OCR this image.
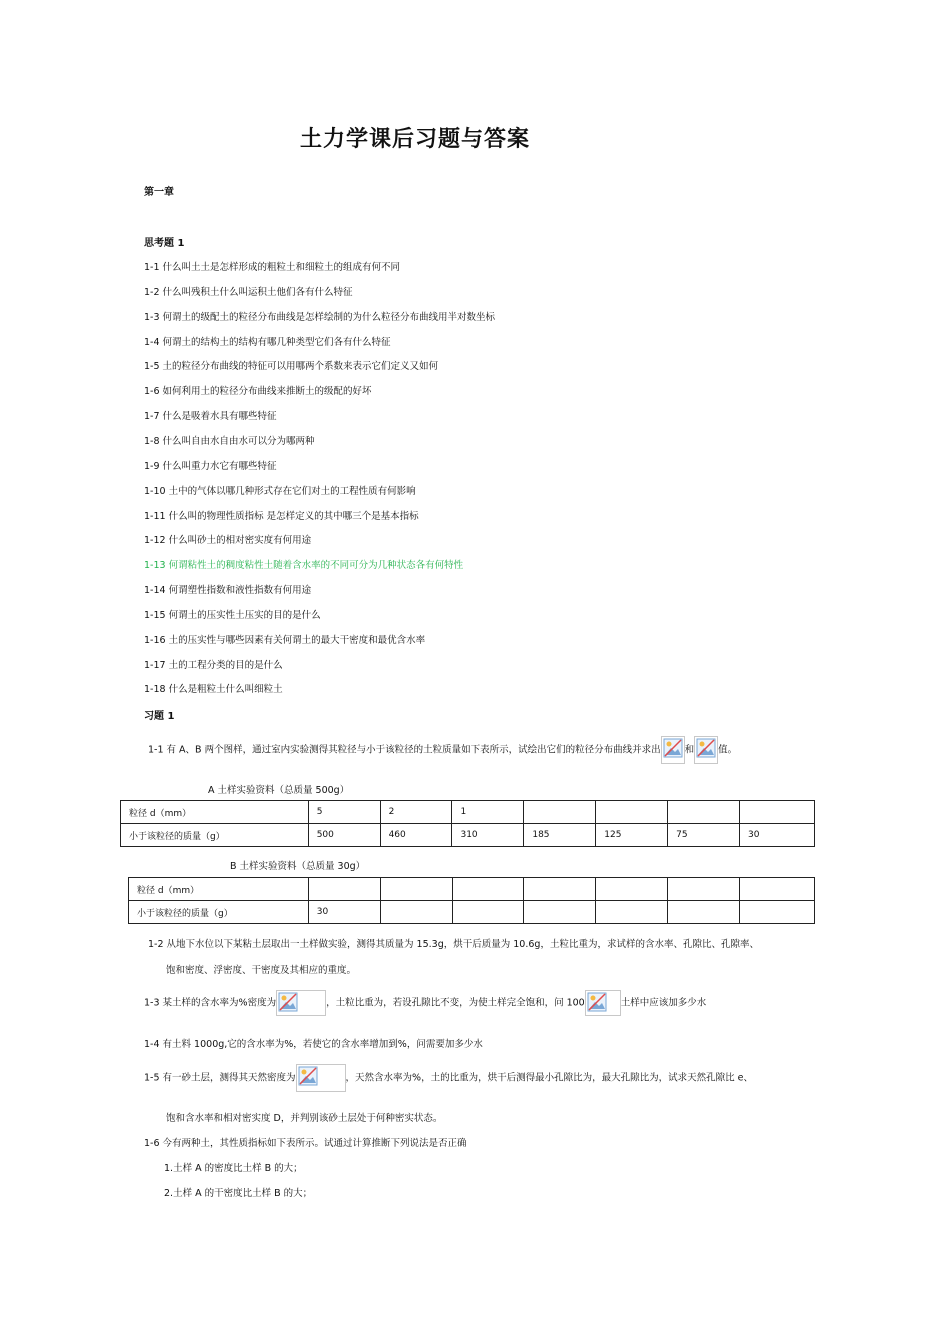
土力学课后习题与答案
第一章
思考题 1
1-1 什么叫土土是怎样形成的粗粒土和细粒土的组成有何不同
1-2 什么叫残积土什么叫运积土他们各有什么特征
1-3 何谓土的级配土的粒径分布曲线是怎样绘制的为什么粒径分布曲线用半对数坐标
1-4 何谓土的结构土的结构有哪几种类型它们各有什么特征
1-5 土的粒径分布曲线的特征可以用哪两个系数来表示它们定义又如何
1-6 如何利用土的粒径分布曲线来推断土的级配的好坏
1-7 什么是吸着水具有哪些特征
1-8 什么叫自由水自由水可以分为哪两种
1-9 什么叫重力水它有哪些特征
1-10 土中的气体以哪几种形式存在它们对土的工程性质有何影响
1-11 什么叫的物理性质指标 是怎样定义的其中哪三个是基本指标
1-12 什么叫砂土的相对密实度有何用途
1-13 何谓粘性土的稠度粘性土随着含水率的不同可分为几种状态各有何特性
1-14 何谓塑性指数和液性指数有何用途
1-15 何谓土的压实性土压实的目的是什么
1-16 土的压实性与哪些因素有关何谓土的最大干密度和最优含水率
1-17 土的工程分类的目的是什么
1-18 什么是粗粒土什么叫细粒土
习题 1
1-1 有 A、B 两个图样，通过室内实验测得其粒径与小于该粒径的土粒质量如下表所示，试绘出它们的粒径分布曲线并求出	和	值。
A 土样实验资料（总质量 500g）
粒径 d（mm）	5	2	1				
小于该粒径的质量（g）	500	460	310	185	125	75	30
B 土样实验资料（总质量 30g）
粒径 d（mm）							
小于该粒径的质量（g）	30						
1-2 从地下水位以下某粘土层取出一土样做实验，测得其质量为 15.3g，烘干后质量为 10.6g，土粒比重为，求试样的含水率、孔隙比、孔隙率、
饱和密度、浮密度、干密度及其相应的重度。
1-3 某土样的含水率为%密度为	，土粒比重为，若设孔隙比不变，为使土样完全饱和，问 100	土样中应该加多少水
1-4 有土料 1000g,它的含水率为%，若使它的含水率增加到%，问需要加多少水
1-5 有一砂土层，测得其天然密度为	，天然含水率为%，土的比重为，烘干后测得最小孔隙比为，最大孔隙比为，试求天然孔隙比 e、
饱和含水率和相对密实度 D，并判别该砂土层处于何种密实状态。
1-6 今有两种土，其性质指标如下表所示。试通过计算推断下列说法是否正确
1.土样 A 的密度比土样 B 的大；
2.土样 A 的干密度比土样 B 的大；
